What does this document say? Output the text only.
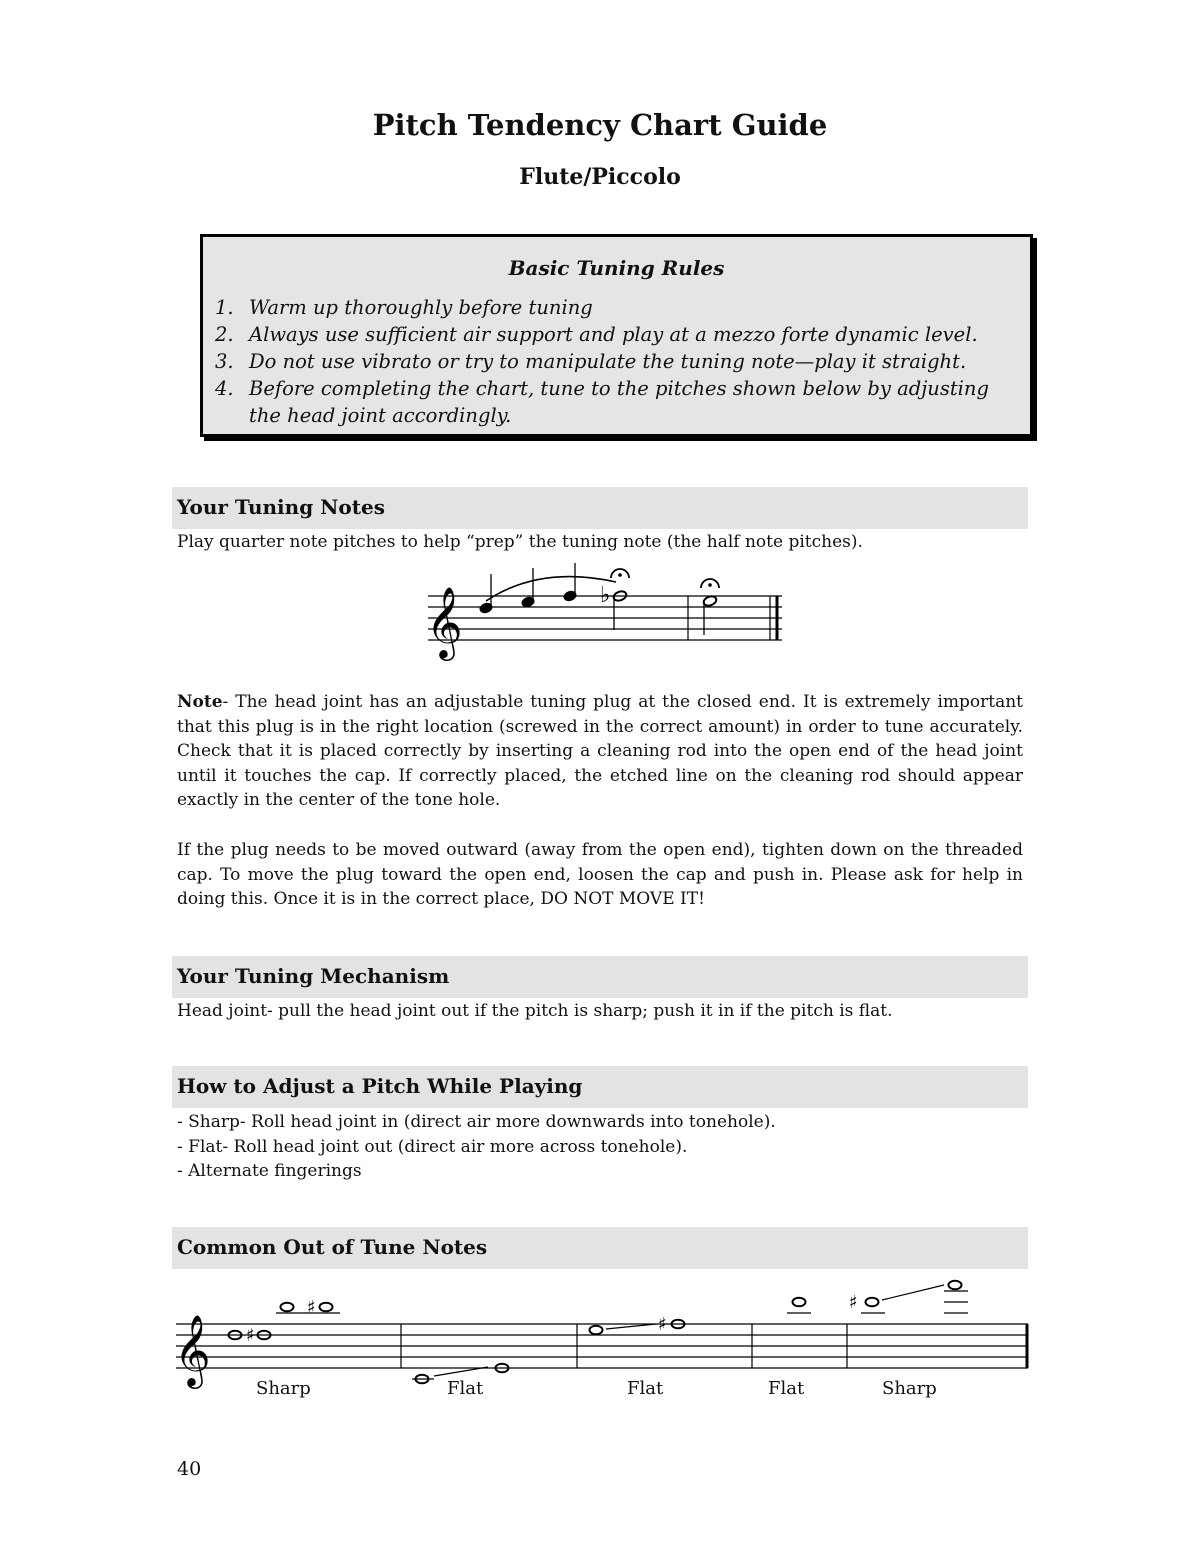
Pitch Tendency Chart Guide
Flute/Piccolo
Basic Tuning Rules
1. Warm up thoroughly before tuning
2. Always use sufficient air support and play at a mezzo forte dynamic level.
3. Do not use vibrato or try to manipulate the tuning note—play it straight.
4. Before completing the chart, tune to the pitches shown below by adjusting the head joint accordingly.
Your Tuning Notes
Play quarter note pitches to help “prep” the tuning note (the half note pitches).
𝄞	♭
Note- The head joint has an adjustable tuning plug at the closed end. It is extremely important that this plug is in the right location (screwed in the correct amount) in order to tune accurately. Check that it is placed correctly by inserting a cleaning rod into the open end of the head joint until it touches the cap. If correctly placed, the etched line on the cleaning rod should appear exactly in the center of the tone hole.
If the plug needs to be moved outward (away from the open end), tighten down on the threaded cap. To move the plug toward the open end, loosen the cap and push in. Please ask for help in doing this. Once it is in the correct place, DO NOT MOVE IT!
Your Tuning Mechanism
Head joint- pull the head joint out if the pitch is sharp; push it in if the pitch is flat.
How to Adjust a Pitch While Playing
- Sharp- Roll head joint in (direct air more downwards into tonehole).
- Flat- Roll head joint out (direct air more across tonehole).
- Alternate fingerings
Common Out of Tune Notes
𝄞 ♯
♯
♯
♯
Sharp	Flat	Flat	Flat	Sharp
40
